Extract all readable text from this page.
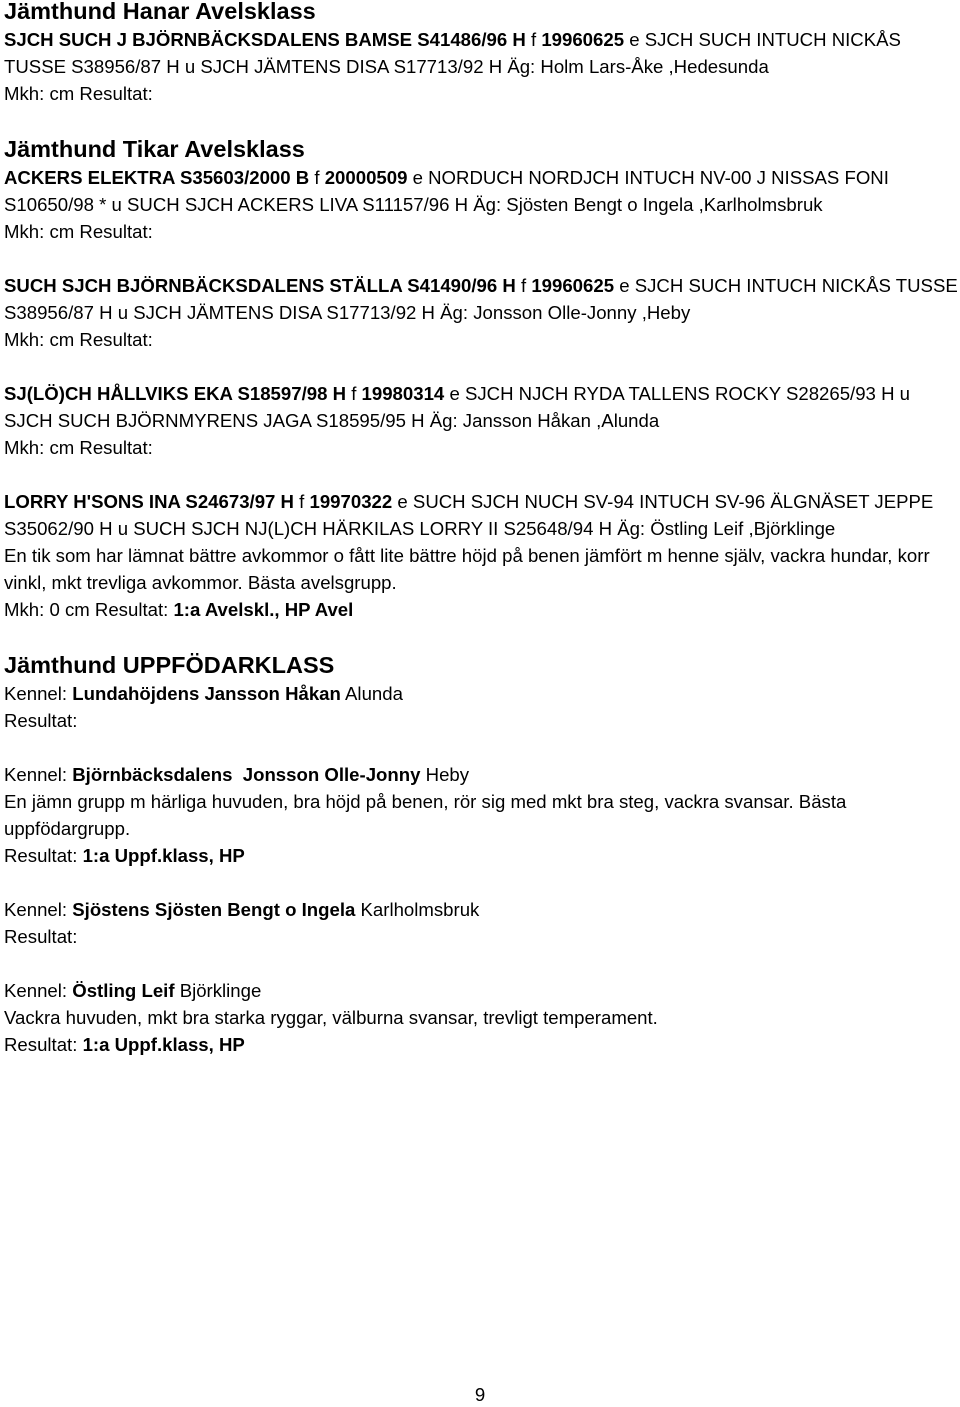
Jämthund Hanar Avelsklass
SJCH SUCH J BJÖRNBÄCKSDALENS BAMSE S41486/96 H f 19960625 e SJCH SUCH INTUCH NICKÅS TUSSE S38956/87 H u SJCH JÄMTENS DISA S17713/92 H Äg: Holm Lars-Åke ,Hedesunda
Mkh: cm Resultat:
Jämthund Tikar Avelsklass
ACKERS ELEKTRA S35603/2000 B f 20000509 e NORDUCH NORDJCH INTUCH NV-00 J NISSAS FONI S10650/98 * u SUCH SJCH ACKERS LIVA S11157/96 H Äg: Sjösten Bengt o Ingela ,Karlholmsbruk
Mkh: cm Resultat:
SUCH SJCH BJÖRNBÄCKSDALENS STÄLLA S41490/96 H f 19960625 e SJCH SUCH INTUCH NICKÅS TUSSE S38956/87 H u SJCH JÄMTENS DISA S17713/92 H Äg: Jonsson Olle-Jonny ,Heby
Mkh: cm Resultat:
SJ(LÖ)CH HÅLLVIKS EKA S18597/98 H f 19980314 e SJCH NJCH RYDA TALLENS ROCKY S28265/93 H u SJCH SUCH BJÖRNMYRENS JAGA S18595/95 H Äg: Jansson Håkan ,Alunda
Mkh: cm Resultat:
LORRY H'SONS INA S24673/97 H f 19970322 e SUCH SJCH NUCH SV-94 INTUCH SV-96 ÄLGNÄSET JEPPE S35062/90 H u SUCH SJCH NJ(L)CH HÄRKILAS LORRY II S25648/94 H Äg: Östling Leif ,Björklinge
En tik som har lämnat bättre avkommor o fått lite bättre höjd på benen jämfört m henne själv, vackra hundar, korr vinkl, mkt trevliga avkommor. Bästa avelsgrupp.
Mkh: 0 cm Resultat: 1:a Avelskl., HP Avel
Jämthund UPPFÖDARKLASS
Kennel: Lundahöjdens Jansson Håkan Alunda
Resultat:
Kennel: Björnbäcksdalens  Jonsson Olle-Jonny Heby
En jämn grupp m härliga huvuden, bra höjd på benen, rör sig med mkt bra steg, vackra svansar. Bästa uppfödargrupp.
Resultat: 1:a Uppf.klass, HP
Kennel: Sjöstens Sjösten Bengt o Ingela Karlholmsbruk
Resultat:
Kennel: Östling Leif Björklinge
Vackra huvuden, mkt bra starka ryggar, välburna svansar, trevligt temperament.
Resultat: 1:a Uppf.klass, HP
9
